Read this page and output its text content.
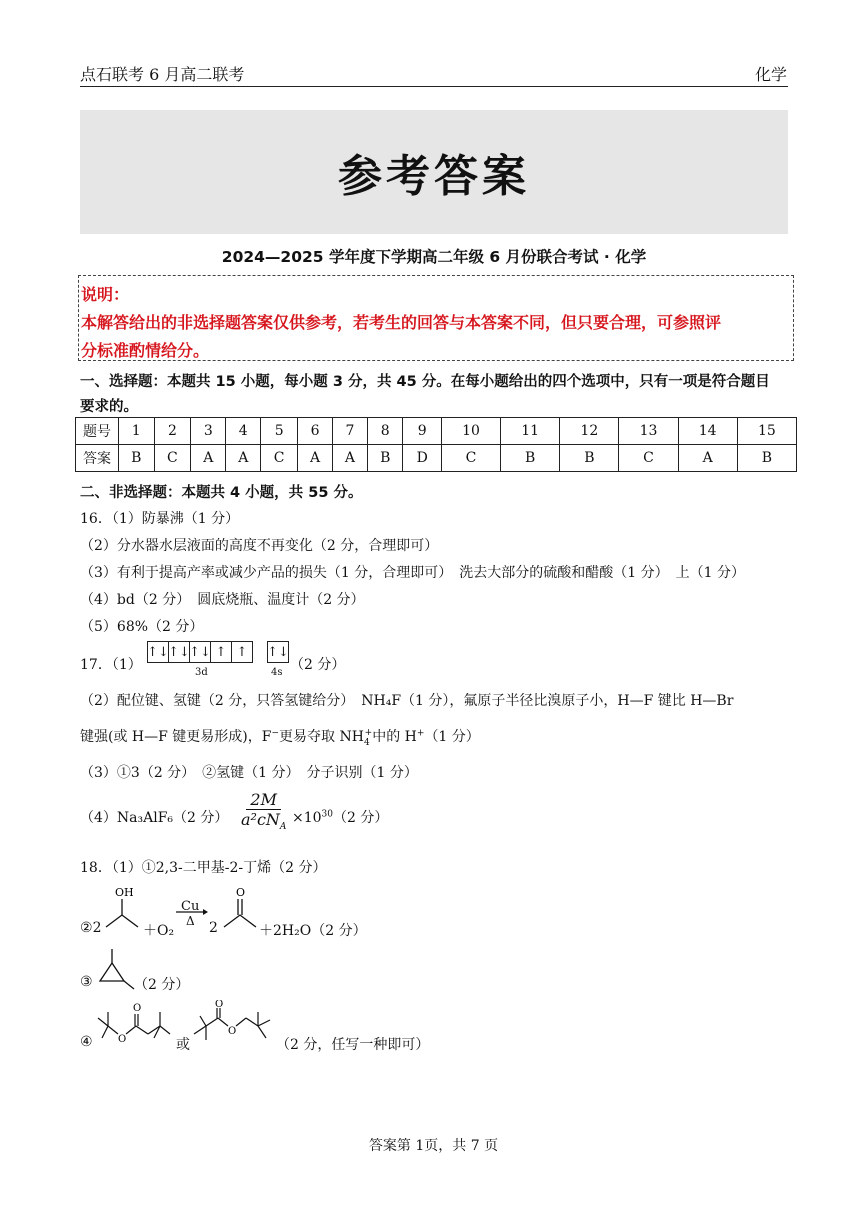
点石联考 6 月高二联考	化学
参考答案
2024—2025 学年度下学期高二年级 6 月份联合考试 · 化学
说明：
本解答给出的非选择题答案仅供参考，若考生的回答与本答案不同，但只要合理，可参照评
分标准酌情给分。
一、选择题：本题共 15 小题，每小题 3 分，共 45 分。在每小题给出的四个选项中，只有一项是符合题目
要求的。
题号	1	2	3	4	5	6	7	8	9	10	11	12	13	14	15
答案	B	C	A	A	C	A	A	B	D	C	B	B	C	A	B
二、非选择题：本题共 4 小题，共 55 分。
16．（1）防暴沸（1 分）
（2）分水器水层液面的高度不再变化（2 分，合理即可）
（3）有利于提高产率或减少产品的损失（1 分，合理即可）　洗去大部分的硫酸和醋酸（1 分）　上（1 分）
（4）bd（2 分）　圆底烧瓶、温度计（2 分）
（5）68%（2 分）
17．（1）
↑↓ ↑↓ ↑↓ ↑ ↑
3d
↑↓
4s （2 分）
（2）配位键、氢键（2 分，只答氢键给分）　NH₄F（1 分），氟原子半径比溴原子小，H—F 键比 H—Br
键强(或 H—F 键更易形成)，F−更易夺取 $NH_4^+$中的 H+（1 分）
（3）①3（2 分）　②氢键（1 分）　分子识别（1 分）
（4）Na₃AlF₆（2 分） $\frac{2M}{a^2cN_A} \times 10^{30}(2$ 分）
18．（1）①2,3-二甲基-2-丁烯（2 分）
②2
OH
＋O₂
Cu
Δ 2
O
＋2H₂O（2 分）
③	（2 分）
④	O
O
或
O
O
（2 分，任写一种即可）
答案第 1页，共 7 页
